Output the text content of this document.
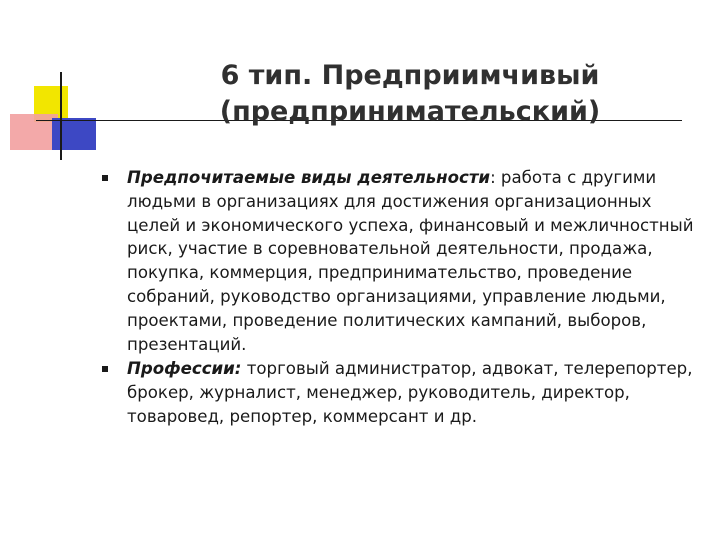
6 тип. Предприимчивый
(предпринимательский)
Предпочитаемые виды деятельности: работа с другими людьми в организациях для достижения организационных целей и экономического успеха, финансовый и межличностный риск, участие в соревновательной деятельности, продажа, покупка, коммерция, предпринимательство, проведение собраний, руководство организациями, управление людьми, проектами, проведение политических кампаний, выборов, презентаций.
Профессии: торговый администратор, адвокат, телерепортер, брокер, журналист, менеджер, руководитель, директор, товаровед, репортер, коммерсант и др.
